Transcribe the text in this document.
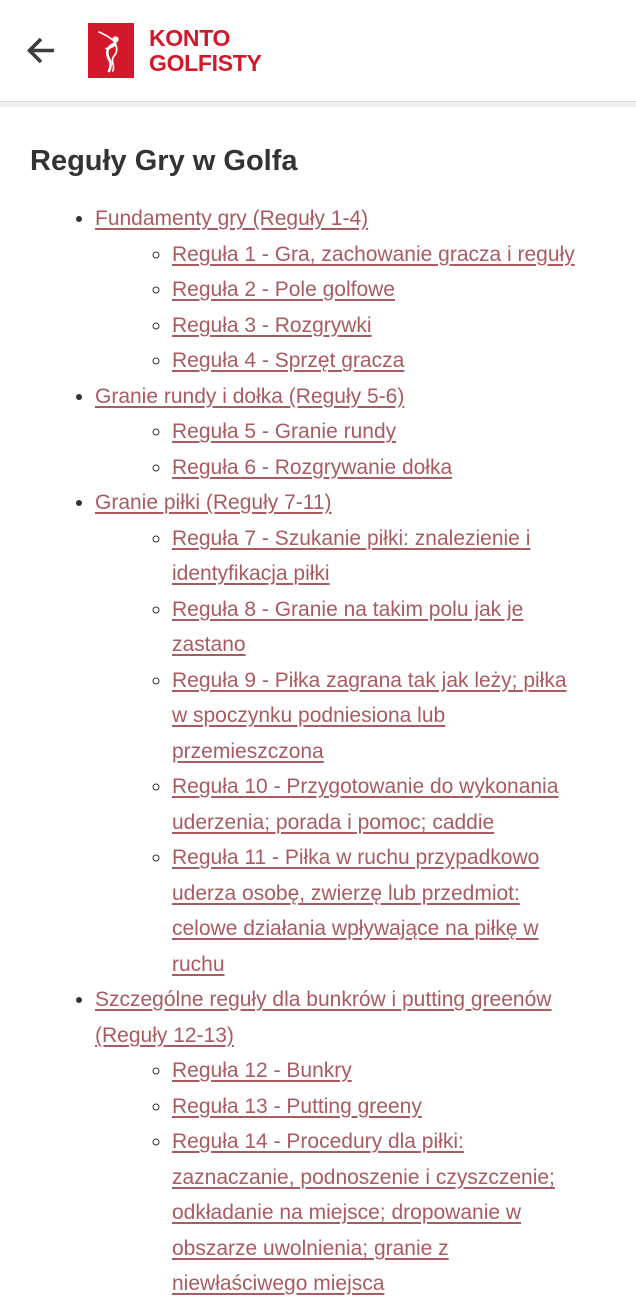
KONTO
GOLFISTY
Reguły Gry w Golfa
• Fundamenty gry (Reguły 1-4)
◦ Reguła 1 - Gra, zachowanie gracza i reguły
◦ Reguła 2 - Pole golfowe
◦ Reguła 3 - Rozgrywki
◦ Reguła 4 - Sprzęt gracza
• Granie rundy i dołka (Reguły 5-6)
◦ Reguła 5 - Granie rundy
◦ Reguła 6 - Rozgrywanie dołka
• Granie piłki (Reguły 7-11)
◦ Reguła 7 - Szukanie piłki: znalezienie i identyfikacja piłki
◦ Reguła 8 - Granie na takim polu jak je zastano
◦ Reguła 9 - Piłka zagrana tak jak leży; piłka w spoczynku podniesiona lub przemieszczona
◦ Reguła 10 - Przygotowanie do wykonania uderzenia; porada i pomoc; caddie
◦ Reguła 11 - Piłka w ruchu przypadkowo uderza osobę, zwierzę lub przedmiot: celowe działania wpływające na piłkę w ruchu
• Szczególne reguły dla bunkrów i putting greenów (Reguły 12-13)
◦ Reguła 12 - Bunkry
◦ Reguła 13 - Putting greeny
◦ Reguła 14 - Procedury dla piłki: zaznaczanie, podnoszenie i czyszczenie; odkładanie na miejsce; dropowanie w obszarze uwolnienia; granie z niewłaściwego miejsca
